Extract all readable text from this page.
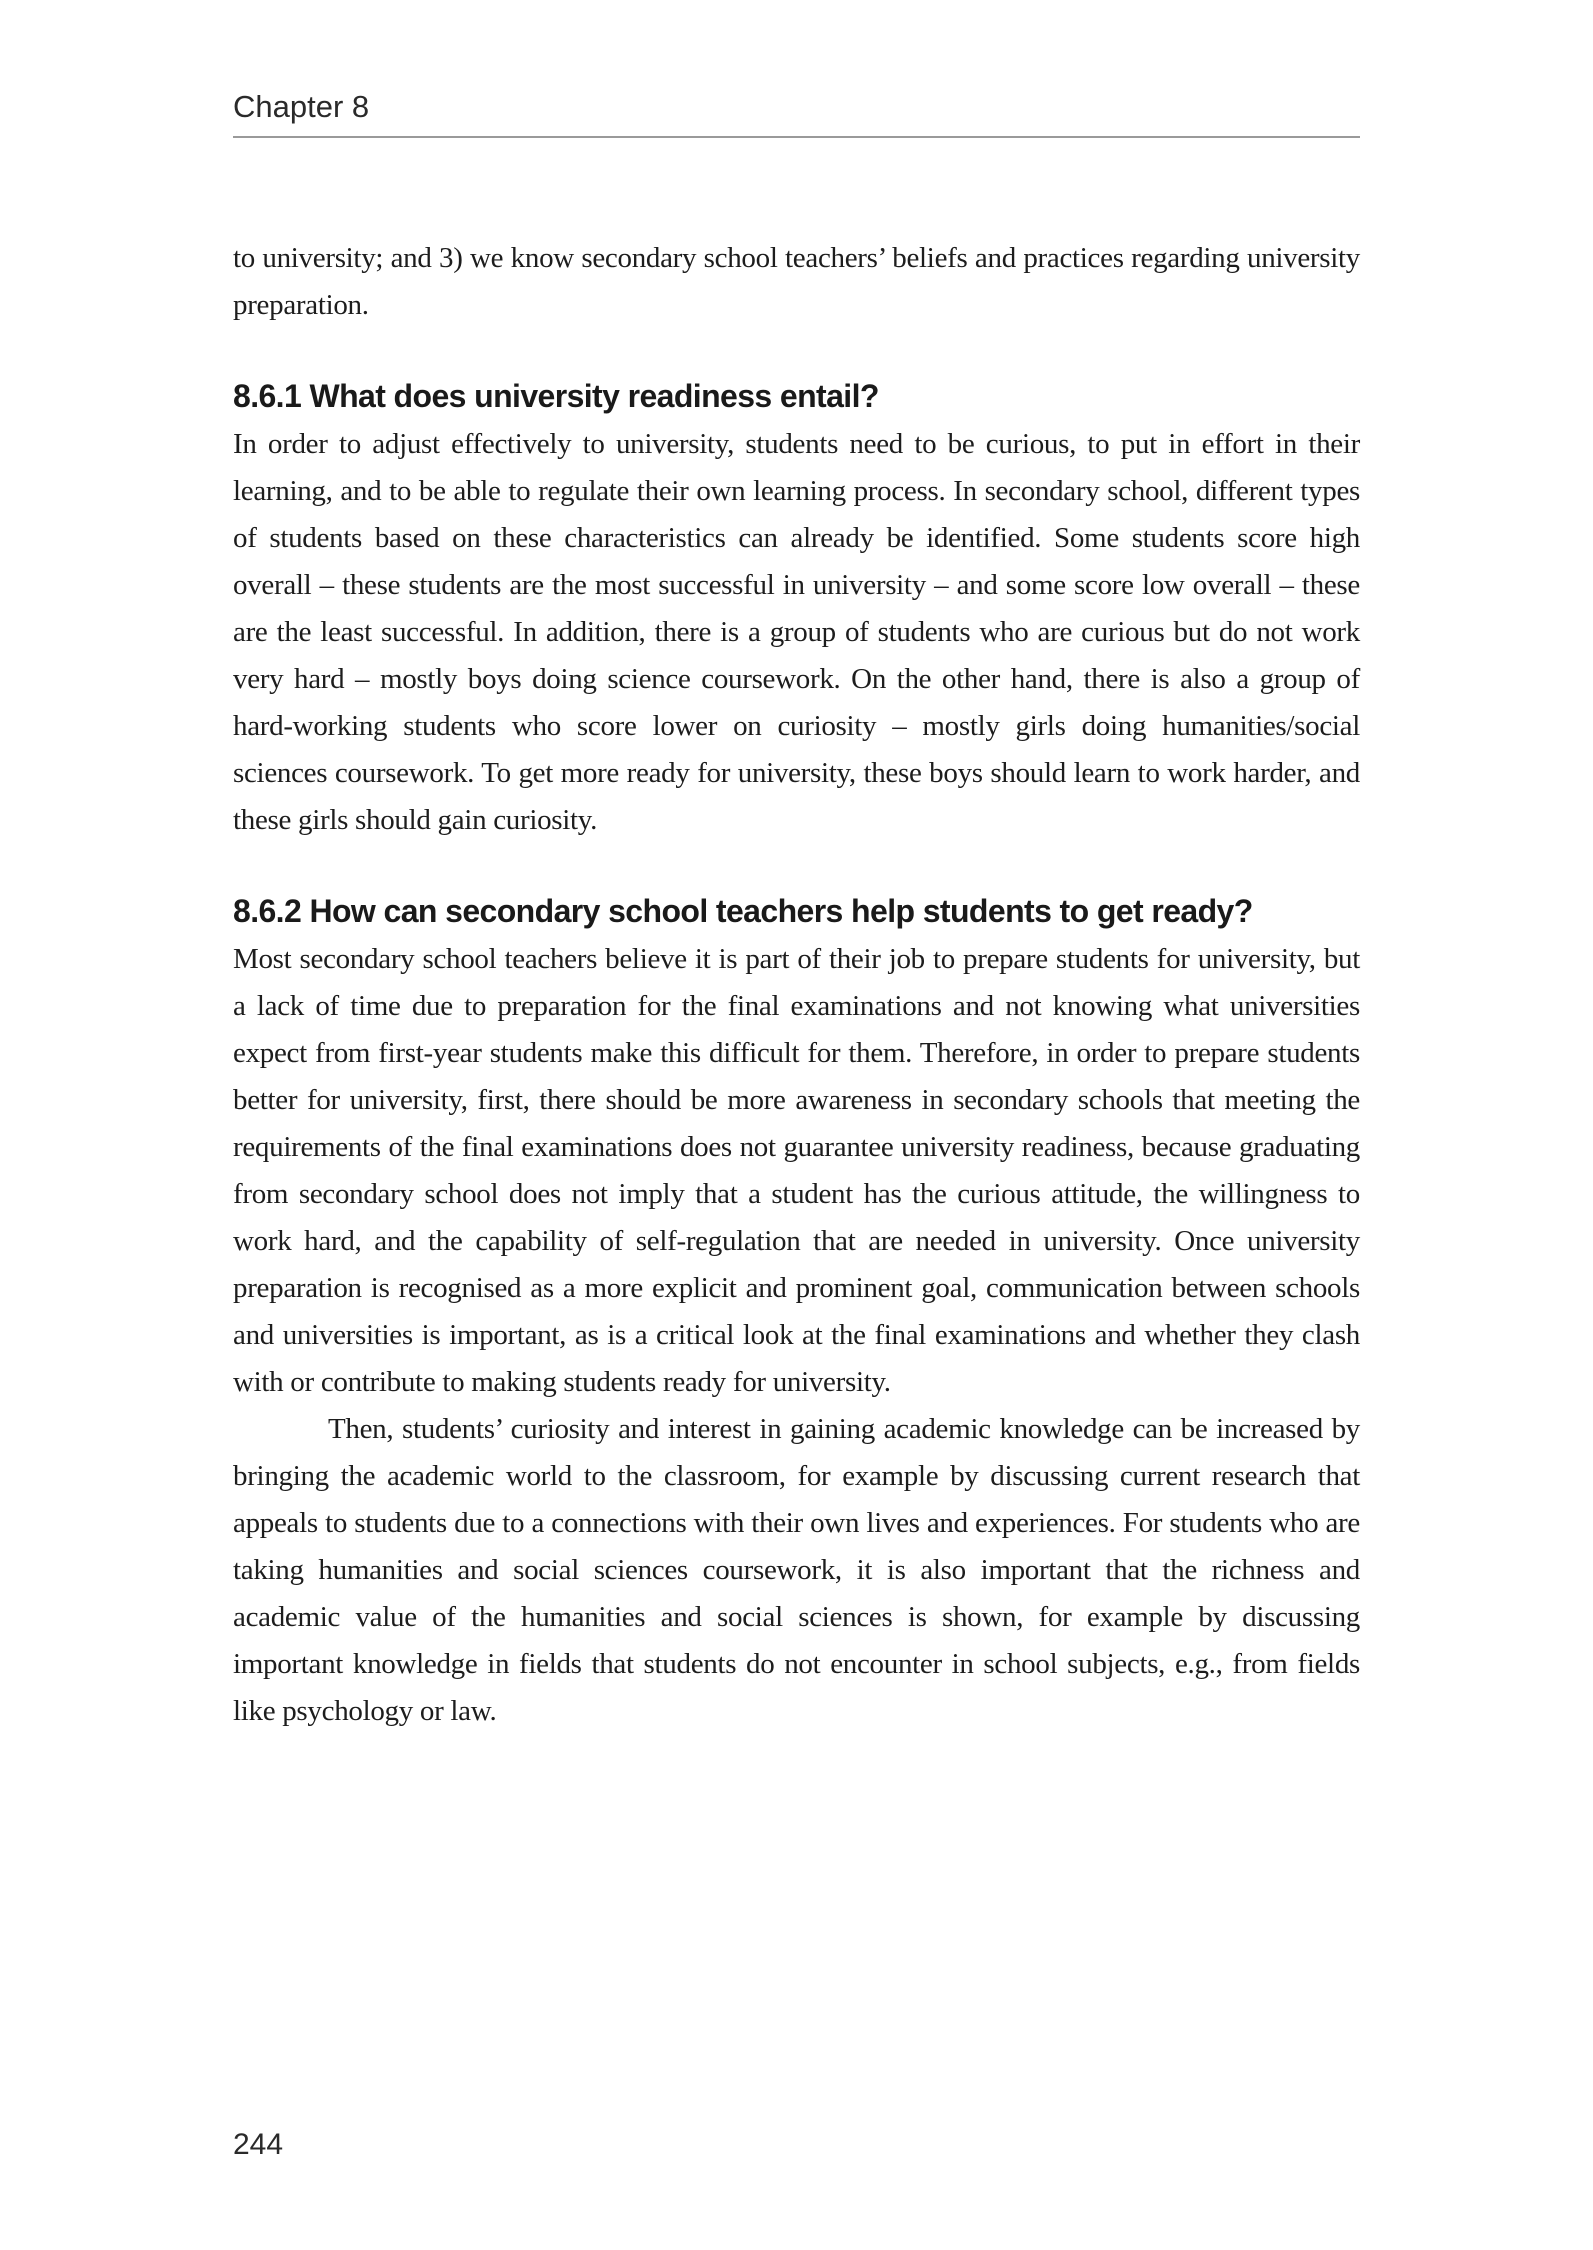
Chapter 8

to university; and 3) we know secondary school teachers’ beliefs and practices regarding university preparation.

8.6.1 What does university readiness entail?

In order to adjust effectively to university, students need to be curious, to put in effort in their learning, and to be able to regulate their own learning process. In secondary school, different types of students based on these characteristics can already be identified. Some students score high overall – these students are the most successful in university – and some score low overall – these are the least successful. In addition, there is a group of students who are curious but do not work very hard – mostly boys doing science coursework. On the other hand, there is also a group of hard-working students who score lower on curiosity – mostly girls doing humanities/social sciences coursework. To get more ready for university, these boys should learn to work harder, and these girls should gain curiosity.

8.6.2 How can secondary school teachers help students to get ready?

Most secondary school teachers believe it is part of their job to prepare students for university, but a lack of time due to preparation for the final examinations and not knowing what universities expect from first-year students make this difficult for them. Therefore, in order to prepare students better for university, first, there should be more awareness in secondary schools that meeting the requirements of the final examinations does not guarantee university readiness, because graduating from secondary school does not imply that a student has the curious attitude, the willingness to work hard, and the capability of self-regulation that are needed in university. Once university preparation is recognised as a more explicit and prominent goal, communication between schools and universities is important, as is a critical look at the final examinations and whether they clash with or contribute to making students ready for university.

Then, students’ curiosity and interest in gaining academic knowledge can be increased by bringing the academic world to the classroom, for example by discussing current research that appeals to students due to a connections with their own lives and experiences. For students who are taking humanities and social sciences coursework, it is also important that the richness and academic value of the humanities and social sciences is shown, for example by discussing important knowledge in fields that students do not encounter in school subjects, e.g., from fields like psychology or law.

244
